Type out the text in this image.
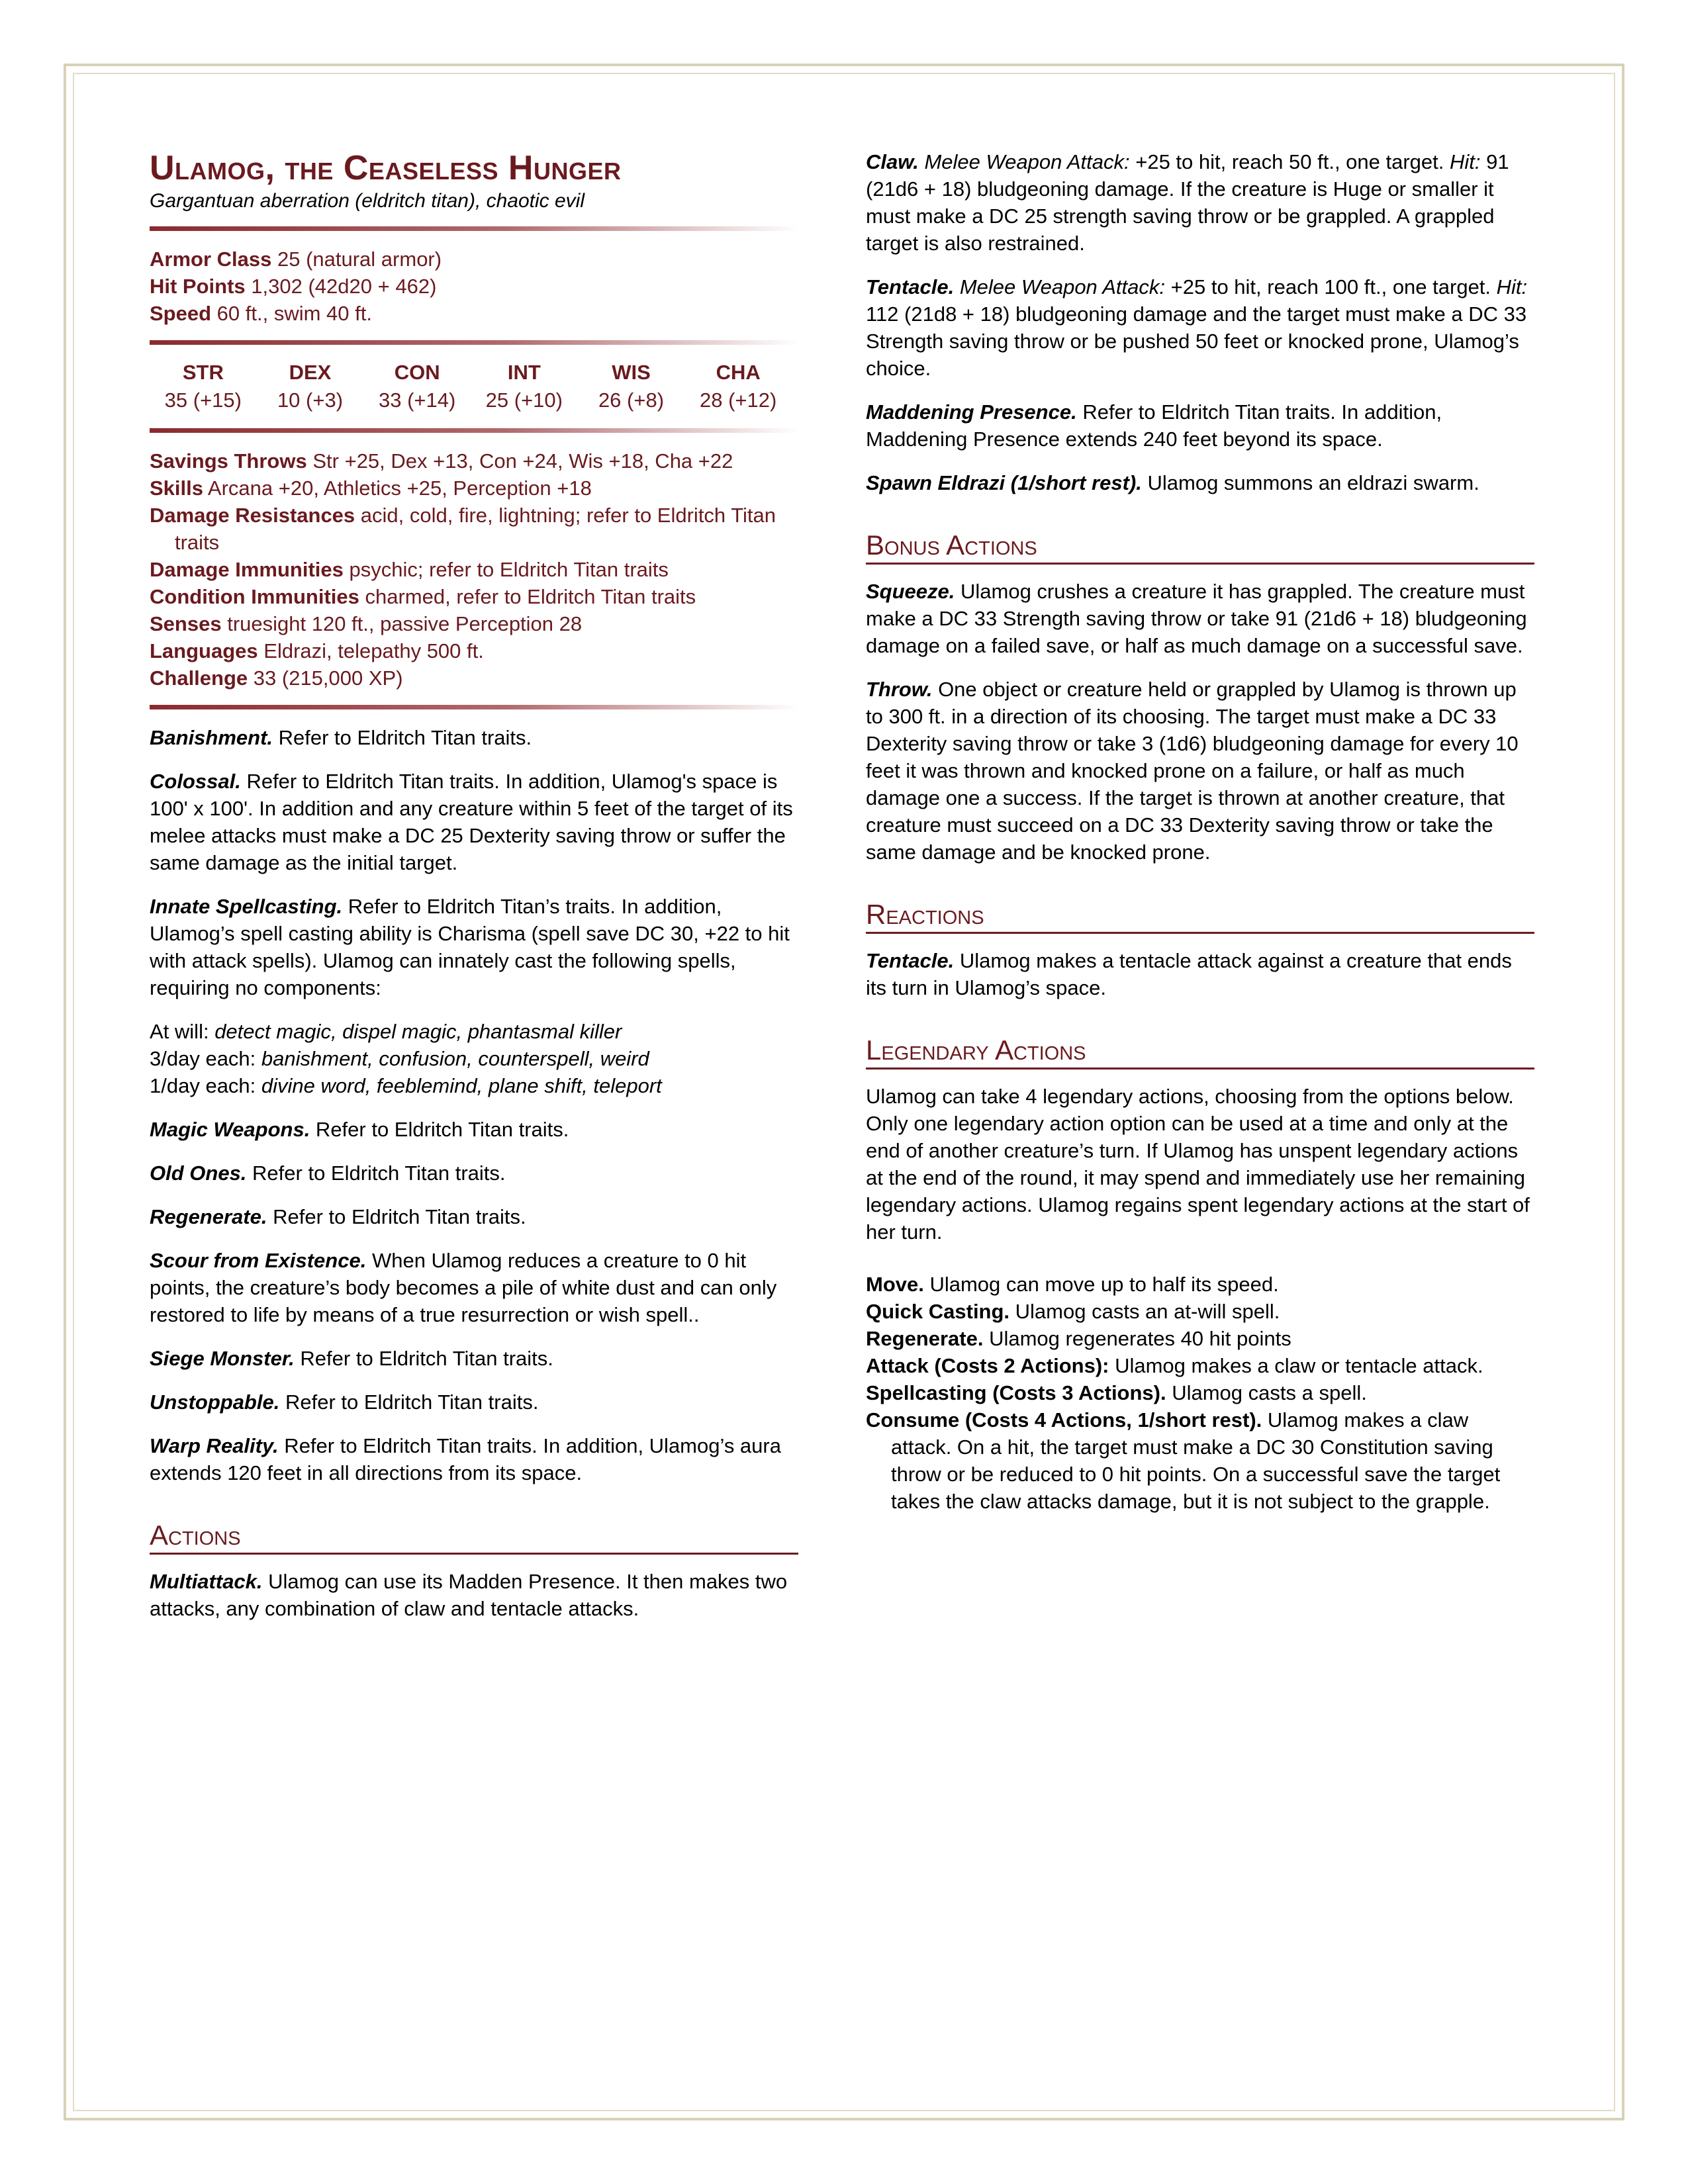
Ulamog, the Ceaseless Hunger
Gargantuan aberration (eldritch titan), chaotic evil
Armor Class 25 (natural armor)
Hit Points 1,302 (42d20 + 462)
Speed 60 ft., swim 40 ft.
STR	DEX	CON	INT	WIS	CHA
35 (+15)	10 (+3)	33 (+14)	25 (+10)	26 (+8)	28 (+12)
Savings Throws Str +25, Dex +13, Con +24, Wis +18, Cha +22
Skills Arcana +20, Athletics +25, Perception +18
Damage Resistances acid, cold, fire, lightning; refer to Eldritch Titan traits
Damage Immunities psychic; refer to Eldritch Titan traits
Condition Immunities charmed, refer to Eldritch Titan traits
Senses truesight 120 ft., passive Perception 28
Languages Eldrazi, telepathy 500 ft.
Challenge 33 (215,000 XP)

Banishment. Refer to Eldritch Titan traits.

Colossal. Refer to Eldritch Titan traits. In addition, Ulamog's space is 100' x 100'. In addition and any creature within 5 feet of the target of its melee attacks must make a DC 25 Dexterity saving throw or suffer the same damage as the initial target.

Innate Spellcasting. Refer to Eldritch Titan’s traits. In addition, Ulamog’s spell casting ability is Charisma (spell save DC 30, +22 to hit with attack spells). Ulamog can innately cast the following spells, requiring no components:

At will: detect magic, dispel magic, phantasmal killer
3/day each: banishment, confusion, counterspell, weird
1/day each: divine word, feeblemind, plane shift, teleport

Magic Weapons. Refer to Eldritch Titan traits.

Old Ones. Refer to Eldritch Titan traits.

Regenerate. Refer to Eldritch Titan traits.

Scour from Existence. When Ulamog reduces a creature to 0 hit points, the creature’s body becomes a pile of white dust and can only restored to life by means of a true resurrection or wish spell..

Siege Monster. Refer to Eldritch Titan traits.

Unstoppable. Refer to Eldritch Titan traits.

Warp Reality. Refer to Eldritch Titan traits. In addition, Ulamog’s aura extends 120 feet in all directions from its space.

Actions

Multiattack. Ulamog can use its Madden Presence. It then makes two attacks, any combination of claw and tentacle attacks.

Claw. Melee Weapon Attack: +25 to hit, reach 50 ft., one target. Hit: 91 (21d6 + 18) bludgeoning damage. If the creature is Huge or smaller it must make a DC 25 strength saving throw or be grappled. A grappled target is also restrained.

Tentacle. Melee Weapon Attack: +25 to hit, reach 100 ft., one target. Hit: 112 (21d8 + 18) bludgeoning damage and the target must make a DC 33 Strength saving throw or be pushed 50 feet or knocked prone, Ulamog’s choice.

Maddening Presence. Refer to Eldritch Titan traits. In addition, Maddening Presence extends 240 feet beyond its space.

Spawn Eldrazi (1/short rest). Ulamog summons an eldrazi swarm.

Bonus Actions

Squeeze. Ulamog crushes a creature it has grappled. The creature must make a DC 33 Strength saving throw or take 91 (21d6 + 18) bludgeoning damage on a failed save, or half as much damage on a successful save.

Throw. One object or creature held or grappled by Ulamog is thrown up to 300 ft. in a direction of its choosing. The target must make a DC 33 Dexterity saving throw or take 3 (1d6) bludgeoning damage for every 10 feet it was thrown and knocked prone on a failure, or half as much damage one a success. If the target is thrown at another creature, that creature must succeed on a DC 33 Dexterity saving throw or take the same damage and be knocked prone.

Reactions

Tentacle. Ulamog makes a tentacle attack against a creature that ends its turn in Ulamog’s space.

Legendary Actions

Ulamog can take 4 legendary actions, choosing from the options below. Only one legendary action option can be used at a time and only at the end of another creature’s turn. If Ulamog has unspent legendary actions at the end of the round, it may spend and immediately use her remaining legendary actions. Ulamog regains spent legendary actions at the start of her turn.

Move. Ulamog can move up to half its speed.
Quick Casting. Ulamog casts an at-will spell.
Regenerate. Ulamog regenerates 40 hit points
Attack (Costs 2 Actions): Ulamog makes a claw or tentacle attack.
Spellcasting (Costs 3 Actions). Ulamog casts a spell.
Consume (Costs 4 Actions, 1/short rest). Ulamog makes a claw attack. On a hit, the target must make a DC 30 Constitution saving throw or be reduced to 0 hit points. On a successful save the target takes the claw attacks damage, but it is not subject to the grapple.
